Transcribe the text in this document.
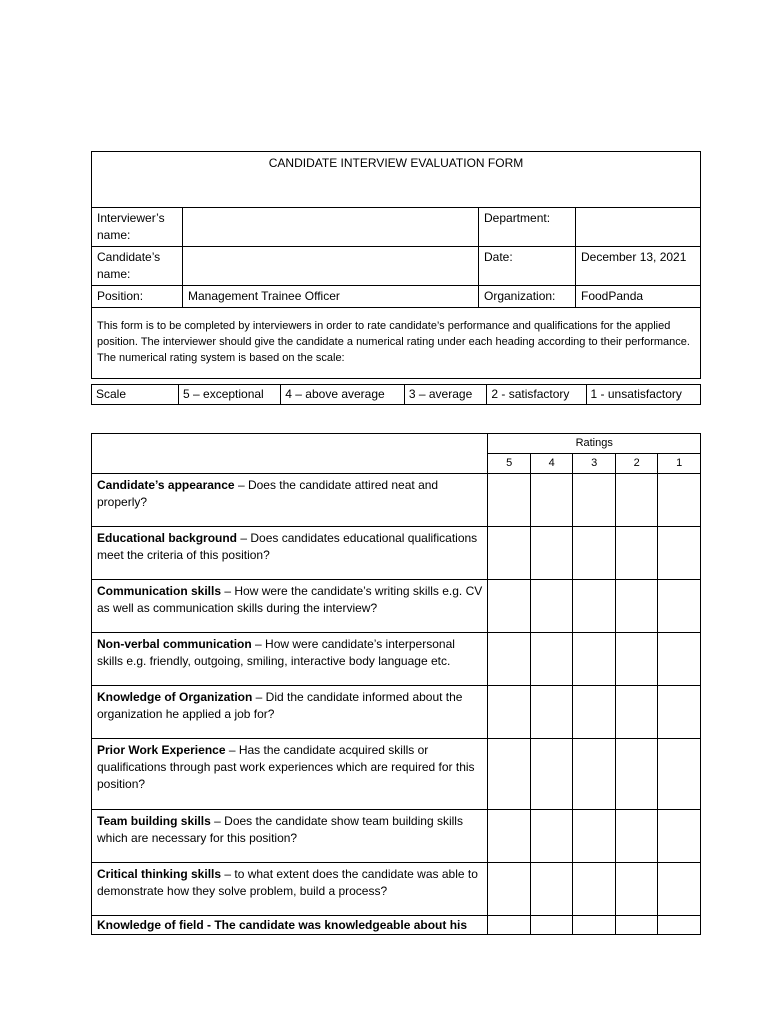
CANDIDATE INTERVIEW EVALUATION FORM			
Interviewer’s name:		Department:	
Candidate’s name:		Date:	December 13, 2021
Position:	Management Trainee Officer	Organization:	FoodPanda
This form is to be completed by interviewers in order to rate candidate’s performance and qualifications for the applied position. The interviewer should give the candidate a numerical rating under each heading according to their performance. The numerical rating system is based on the scale:			
Scale	5 – exceptional	4 – above average	3 – average	2 - satisfactory	1 - unsatisfactory
	Ratings				
	5	4	3	2	1
Candidate’s appearance – Does the candidate attired neat and properly?					
Educational background – Does candidates educational qualifications meet the criteria of this position?					
Communication skills – How were the candidate’s writing skills e.g. CV as well as communication skills during the interview?					
Non-verbal communication – How were candidate’s interpersonal skills e.g. friendly, outgoing, smiling, interactive body language etc.					
Knowledge of Organization – Did the candidate informed about the organization he applied a job for?					
Prior Work Experience – Has the candidate acquired skills or qualifications through past work experiences which are required for this position?					
Team building skills – Does the candidate show team building skills which are necessary for this position?					
Critical thinking skills – to what extent does the candidate was able to demonstrate how they solve problem, build a process?					
Knowledge of field - The candidate was knowledgeable about his					
